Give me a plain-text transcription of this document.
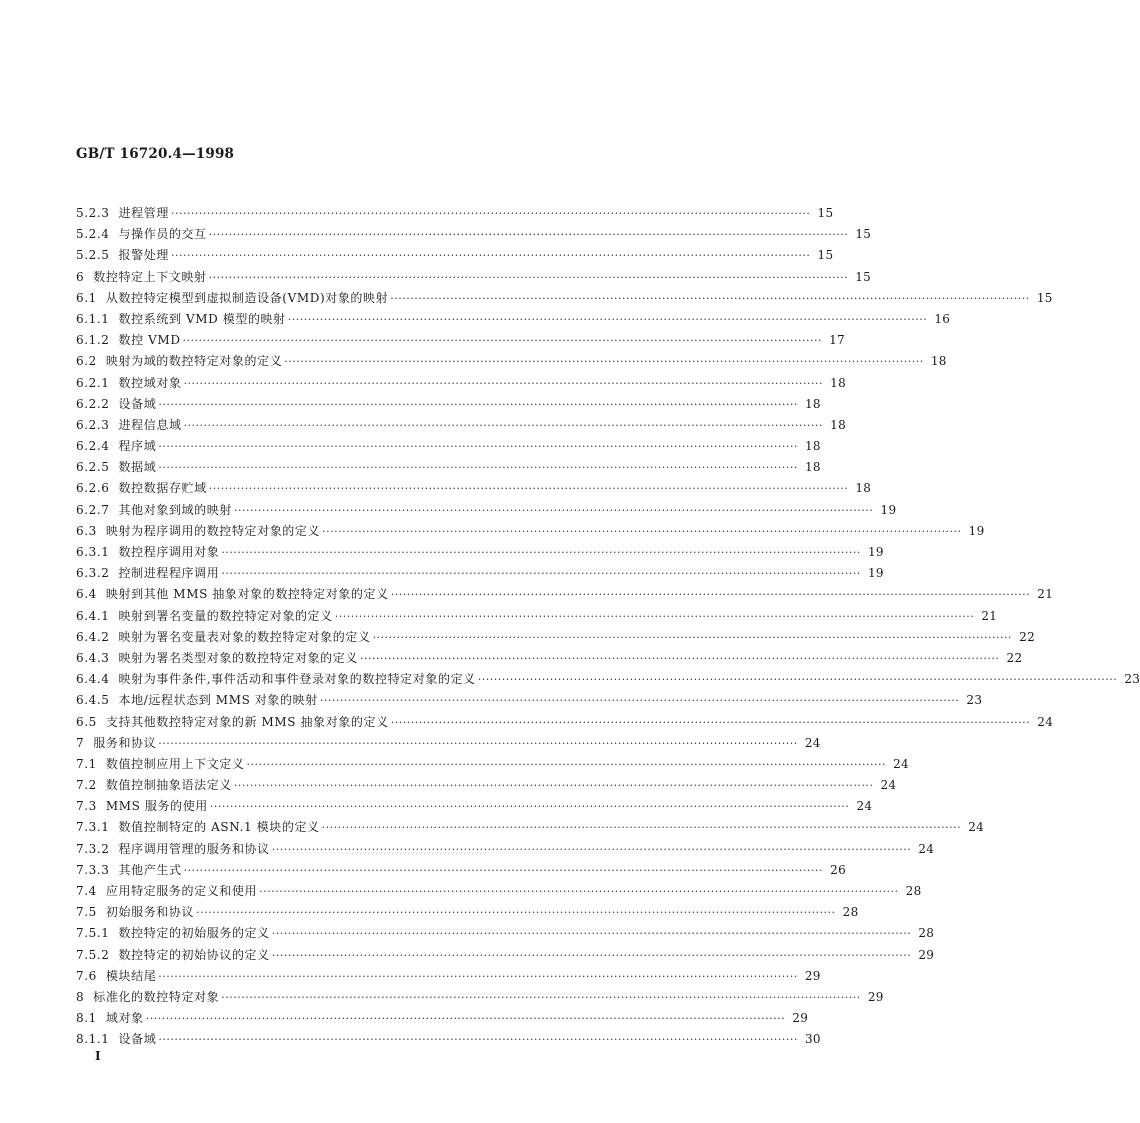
GB/T 16720.4—1998
5.2.3 进程管理 ································································································································································ 15
5.2.4 与操作员的交互 ································································································································································ 15
5.2.5 报警处理 ································································································································································ 15
6 数控特定上下文映射 ································································································································································ 15
6.1 从数控特定模型到虚拟制造设备(VMD)对象的映射 ································································································································································ 15
6.1.1 数控系统到 VMD 模型的映射 ································································································································································ 16
6.1.2 数控 VMD ································································································································································ 17
6.2 映射为域的数控特定对象的定义 ································································································································································ 18
6.2.1 数控域对象 ································································································································································ 18
6.2.2 设备域 ································································································································································ 18
6.2.3 进程信息域 ································································································································································ 18
6.2.4 程序域 ································································································································································ 18
6.2.5 数据域 ································································································································································ 18
6.2.6 数控数据存贮域 ································································································································································ 18
6.2.7 其他对象到域的映射 ································································································································································ 19
6.3 映射为程序调用的数控特定对象的定义 ································································································································································ 19
6.3.1 数控程序调用对象 ································································································································································ 19
6.3.2 控制进程程序调用 ································································································································································ 19
6.4 映射到其他 MMS 抽象对象的数控特定对象的定义 ································································································································································ 21
6.4.1 映射到署名变量的数控特定对象的定义 ································································································································································ 21
6.4.2 映射为署名变量表对象的数控特定对象的定义 ································································································································································ 22
6.4.3 映射为署名类型对象的数控特定对象的定义 ································································································································································ 22
6.4.4 映射为事件条件,事件活动和事件登录对象的数控特定对象的定义 ································································································································································ 23
6.4.5 本地/远程状态到 MMS 对象的映射 ································································································································································ 23
6.5 支持其他数控特定对象的新 MMS 抽象对象的定义 ································································································································································ 24
7 服务和协议 ································································································································································ 24
7.1 数值控制应用上下文定义 ································································································································································ 24
7.2 数值控制抽象语法定义 ································································································································································ 24
7.3 MMS 服务的使用 ································································································································································ 24
7.3.1 数值控制特定的 ASN.1 模块的定义 ································································································································································ 24
7.3.2 程序调用管理的服务和协议 ································································································································································ 24
7.3.3 其他产生式 ································································································································································ 26
7.4 应用特定服务的定义和使用 ································································································································································ 28
7.5 初始服务和协议 ································································································································································ 28
7.5.1 数控特定的初始服务的定义 ································································································································································ 28
7.5.2 数控特定的初始协议的定义 ································································································································································ 29
7.6 模块结尾 ································································································································································ 29
8 标准化的数控特定对象 ································································································································································ 29
8.1 域对象 ································································································································································ 29
8.1.1 设备域 ································································································································································ 30
I
